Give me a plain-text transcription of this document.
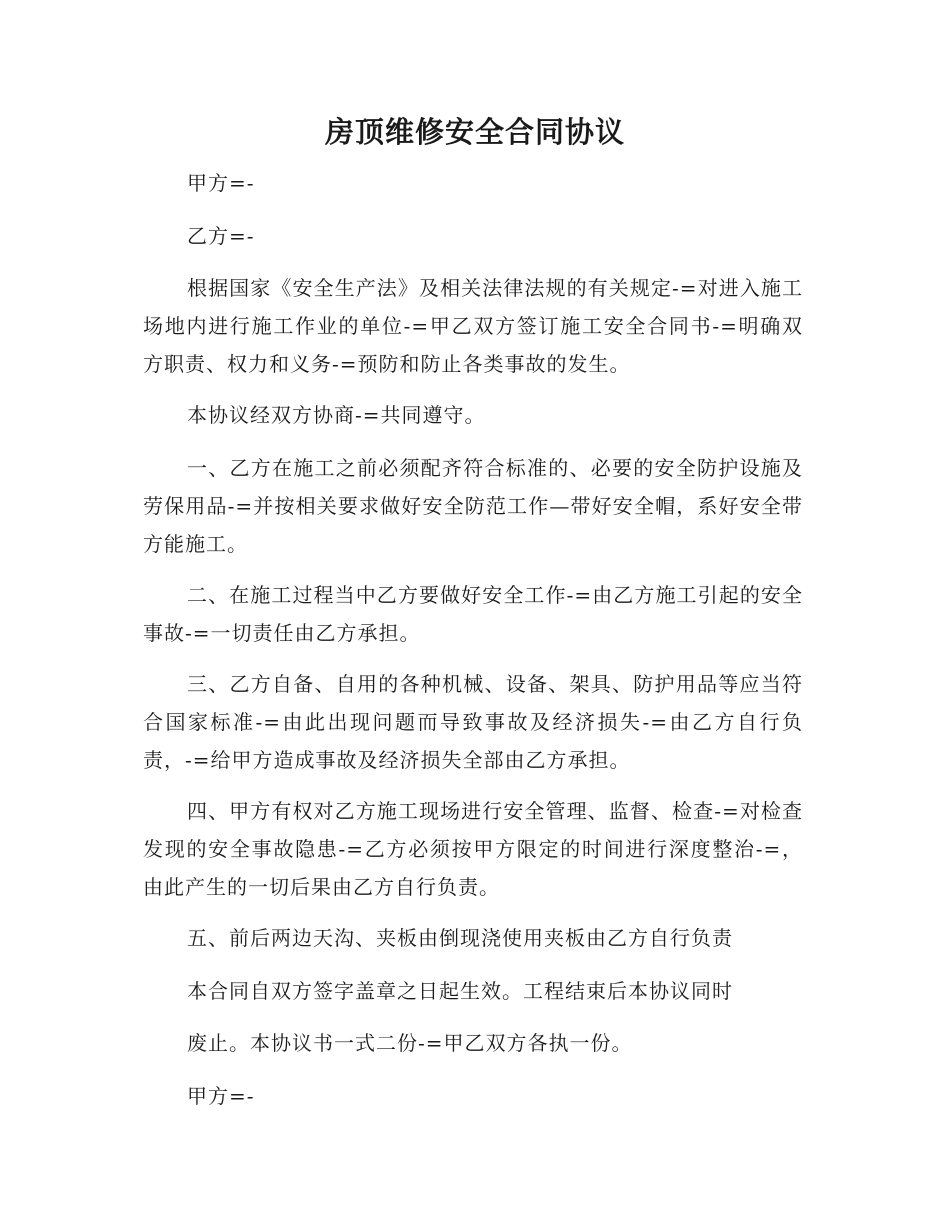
房顶维修安全合同协议

甲方=-

乙方=-

根据国家《安全生产法》及相关法律法规的有关规定-=对进入施工场地内进行施工作业的单位-=甲乙双方签订施工安全合同书-=明确双方职责、权力和义务-=预防和防止各类事故的发生。

本协议经双方协商-=共同遵守。

一、乙方在施工之前必须配齐符合标准的、必要的安全防护设施及劳保用品-=并按相关要求做好安全防范工作—带好安全帽，系好安全带方能施工。

二、在施工过程当中乙方要做好安全工作-=由乙方施工引起的安全事故-=一切责任由乙方承担。

三、乙方自备、自用的各种机械、设备、架具、防护用品等应当符合国家标准-=由此出现问题而导致事故及经济损失-=由乙方自行负责，-=给甲方造成事故及经济损失全部由乙方承担。

四、甲方有权对乙方施工现场进行安全管理、监督、检查-=对检查发现的安全事故隐患-=乙方必须按甲方限定的时间进行深度整治-=，由此产生的一切后果由乙方自行负责。

五、前后两边天沟、夹板由倒现浇使用夹板由乙方自行负责

本合同自双方签字盖章之日起生效。工程结束后本协议同时

废止。本协议书一式二份-=甲乙双方各执一份。

甲方=-
